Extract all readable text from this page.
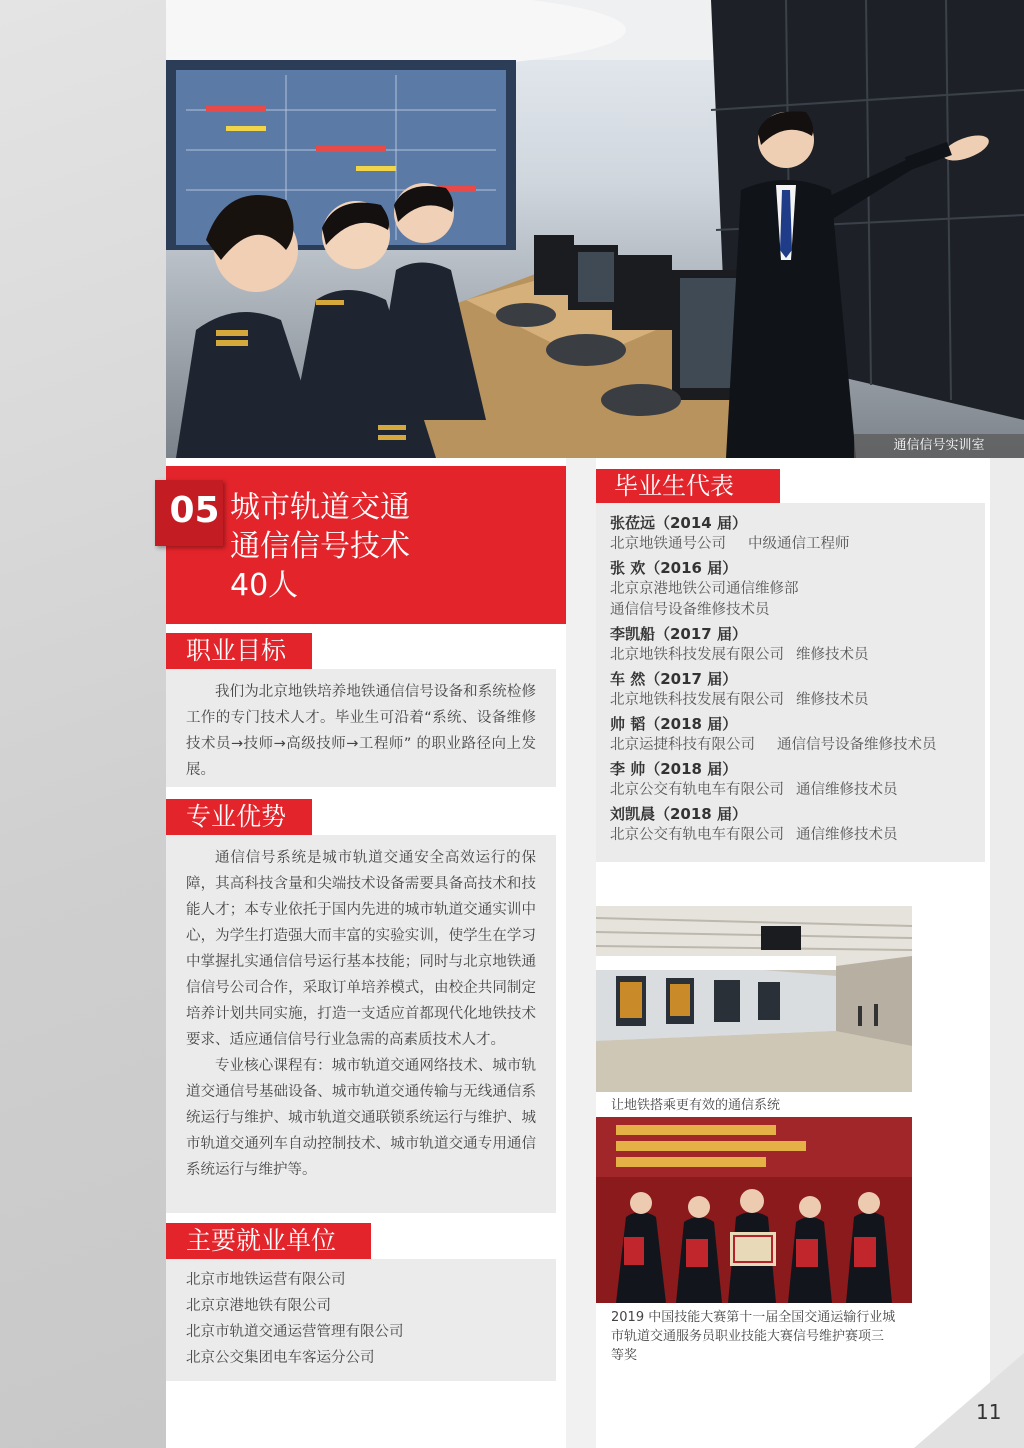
通信信号实训室
05 城市轨道交通
通信信号技术
40人
职业目标

我们为北京地铁培养地铁通信信号设备和系统检修工作的专门技术人才。毕业生可沿着“系统、设备维修技术员→技师→高级技师→工程师” 的职业路径向上发展。

专业优势

通信信号系统是城市轨道交通安全高效运行的保障，其高科技含量和尖端技术设备需要具备高技术和技能人才；本专业依托于国内先进的城市轨道交通实训中心，为学生打造强大而丰富的实验实训，使学生在学习中掌握扎实通信信号运行基本技能；同时与北京地铁通信信号公司合作，采取订单培养模式，由校企共同制定培养计划共同实施，打造一支适应首都现代化地铁技术要求、适应通信信号行业急需的高素质技术人才。

专业核心课程有：城市轨道交通网络技术、城市轨道交通信号基础设备、城市轨道交通传输与无线通信系统运行与维护、城市轨道交通联锁系统运行与维护、城市轨道交通列车自动控制技术、城市轨道交通专用通信系统运行与维护等。

主要就业单位

北京市地铁运营有限公司

北京京港地铁有限公司

北京市轨道交通运营管理有限公司

北京公交集团电车客运分公司

毕业生代表
张莅远（2014 届）
北京地铁通号公司 中级通信工程师
张 欢（2016 届）
北京京港地铁公司通信维修部
通信信号设备维修技术员
李凯船（2017 届）
北京地铁科技发展有限公司 维修技术员
车 然（2017 届）
北京地铁科技发展有限公司 维修技术员
帅 韬（2018 届）
北京运捷科技有限公司 通信信号设备维修技术员
李 帅（2018 届）
北京公交有轨电车有限公司 通信维修技术员
刘凯晨（2018 届）
北京公交有轨电车有限公司 通信维修技术员
让地铁搭乘更有效的通信系统
2019 中国技能大赛第十一届全国交通运输行业城市轨道交通服务员职业技能大赛信号维护赛项三等奖
11
